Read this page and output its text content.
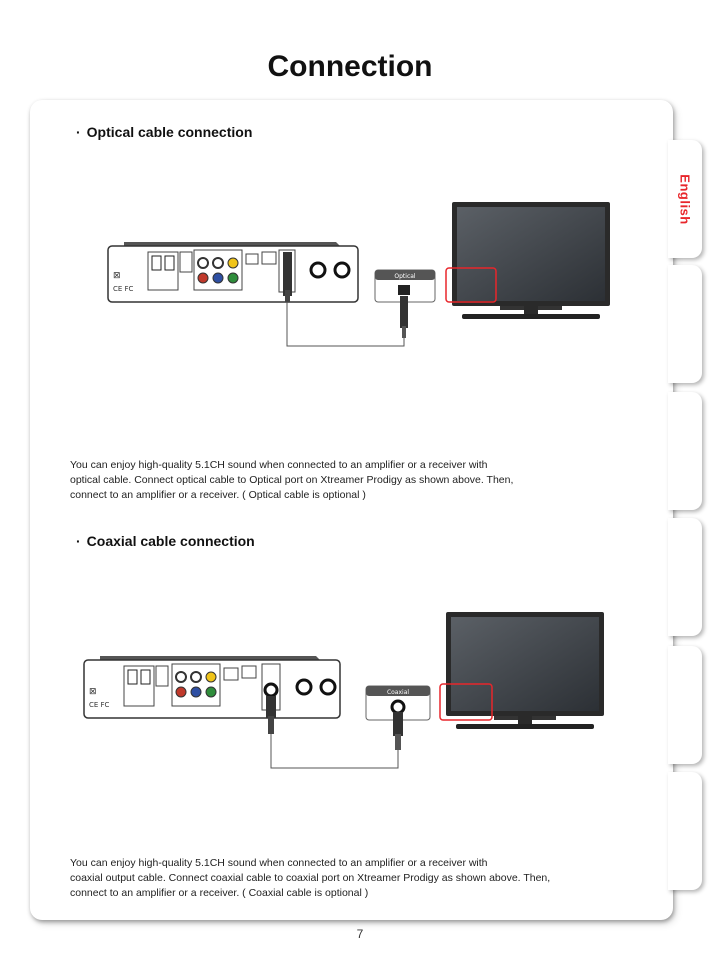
Connection
English
· Optical cable connection
⊠
CE FC
Optical

You can enjoy high-quality 5.1CH sound when connected to an amplifier or a receiver with
optical cable. Connect optical cable to Optical port on Xtreamer Prodigy as shown above. Then,
connect to an amplifier or a receiver. ( Optical cable is optional )

· Coaxial cable connection
⊠
CE FC
Coaxial

You can enjoy high-quality 5.1CH sound when connected to an amplifier or a receiver with
coaxial output cable. Connect coaxial cable to coaxial port on Xtreamer Prodigy as shown above. Then,
connect to an amplifier or a receiver. ( Coaxial cable is optional )

7
